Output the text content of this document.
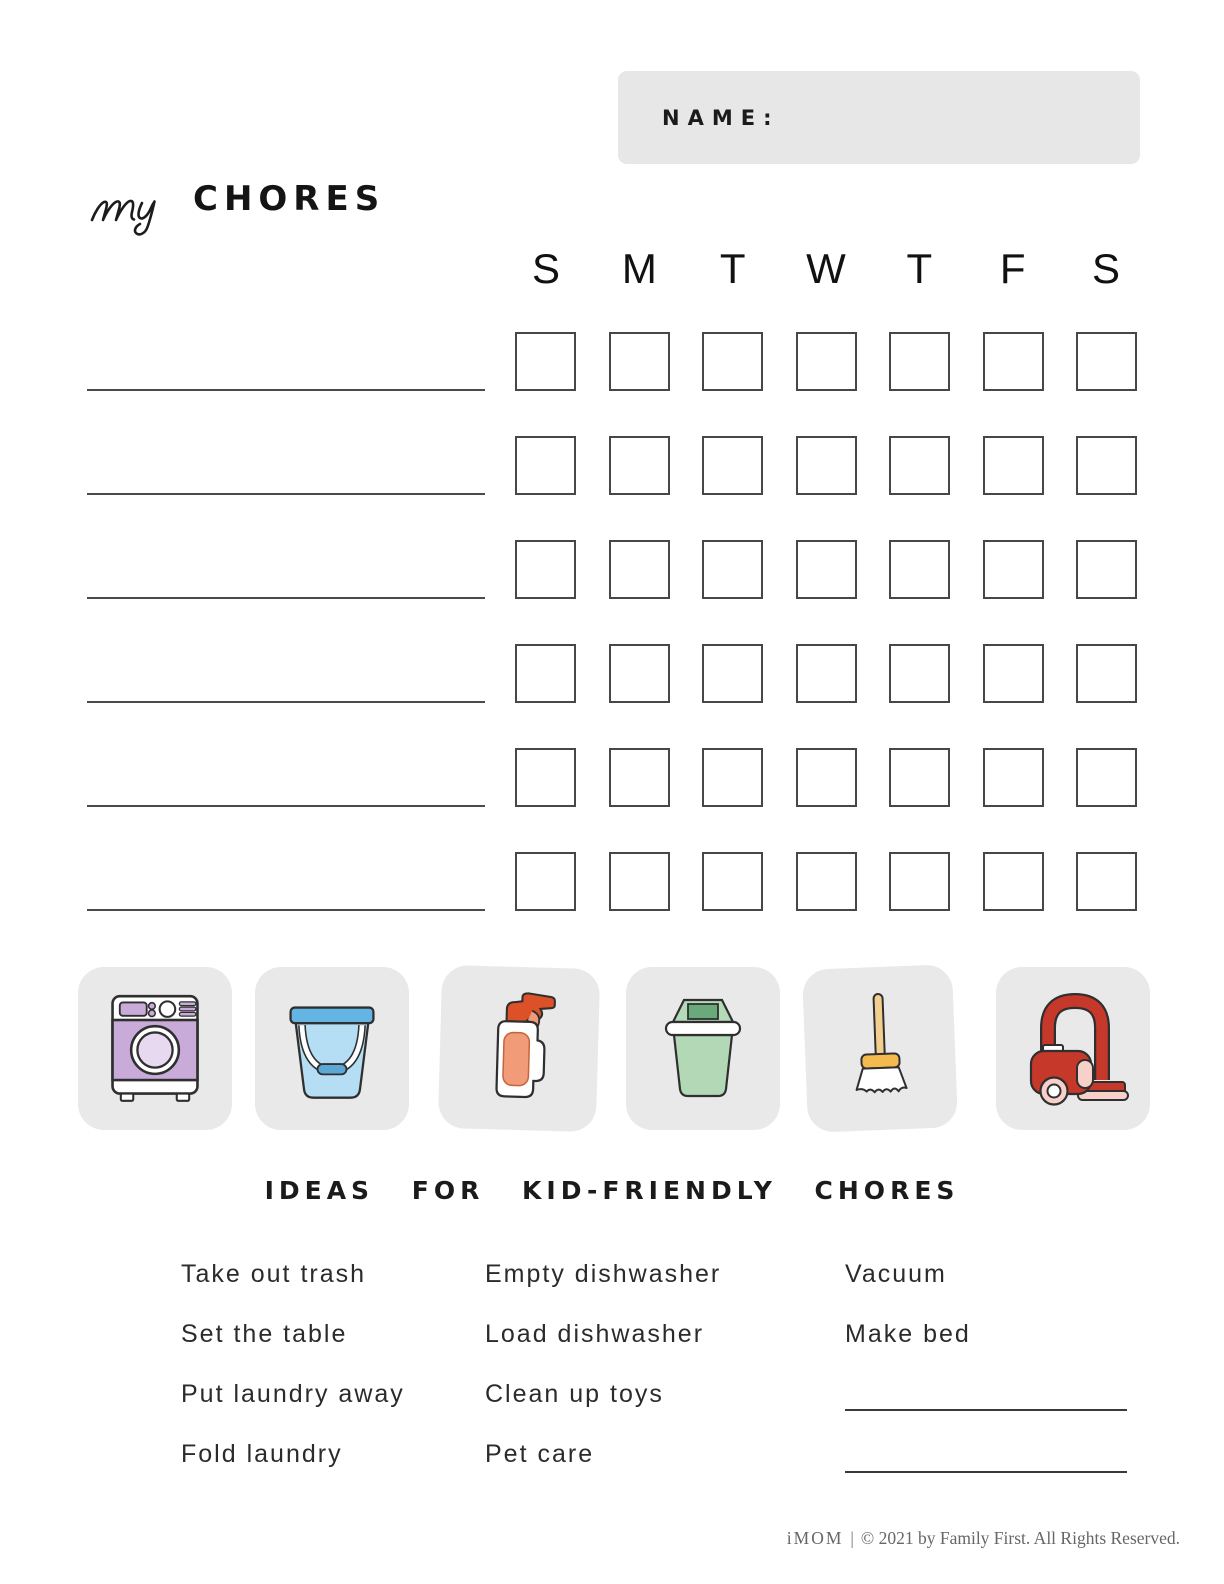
NAME:
CHORES
S	M	T	W	T	F	S
IDEAS FOR KID-FRIENDLY CHORES
Take out trash
Set the table
Put laundry away
Fold laundry
Empty dishwasher
Load dishwasher
Clean up toys
Pet care
Vacuum
Make bed
iMOM | © 2021 by Family First. All Rights Reserved.
